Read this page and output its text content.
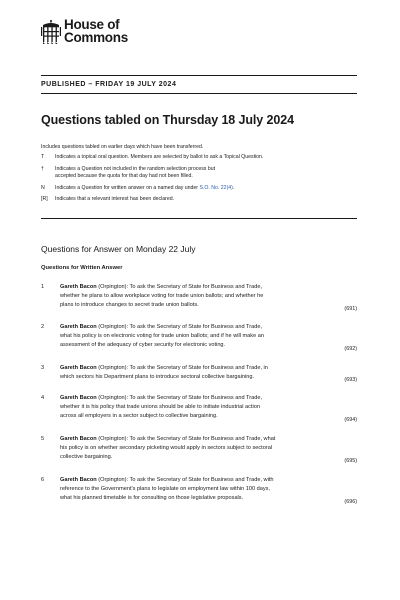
House of
Commons
PUBLISHED – FRIDAY 19 JULY 2024
Questions tabled on Thursday 18 July 2024
Includes questions tabled on earlier days which have been transferred.
T	Indicates a topical oral question. Members are selected by ballot to ask a Topical Question.
†	Indicates a Question not included in the random selection process but
accepted because the quota for that day had not been filled.
N	Indicates a Question for written answer on a named day under S.O. No. 22(4).
[R]	Indicates that a relevant interest has been declared.
Questions for Answer on Monday 22 July
Questions for Written Answer
1	Gareth Bacon (Orpington): To ask the Secretary of State for Business and Trade,
whether he plans to allow workplace voting for trade union ballots; and whether he
plans to introduce changes to secret trade union ballots.
(691)
2	Gareth Bacon (Orpington): To ask the Secretary of State for Business and Trade,
what his policy is on electronic voting for trade union ballots; and if he will make an
assessment of the adequacy of cyber security for electronic voting.
(692)
3	Gareth Bacon (Orpington): To ask the Secretary of State for Business and Trade, in
which sectors his Department plans to introduce sectoral collective bargaining.	(693)
4	Gareth Bacon (Orpington): To ask the Secretary of State for Business and Trade,
whether it is his policy that trade unions should be able to initiate industrial action
across all employers in a sector subject to collective bargaining.
(694)
5	Gareth Bacon (Orpington): To ask the Secretary of State for Business and Trade, what
his policy is on whether secondary picketing would apply in sectors subject to sectoral
collective bargaining.
(695)
6	Gareth Bacon (Orpington): To ask the Secretary of State for Business and Trade, with
reference to the Government's plans to legislate on employment law within 100 days,
what his planned timetable is for consulting on those legislative proposals.
(696)
